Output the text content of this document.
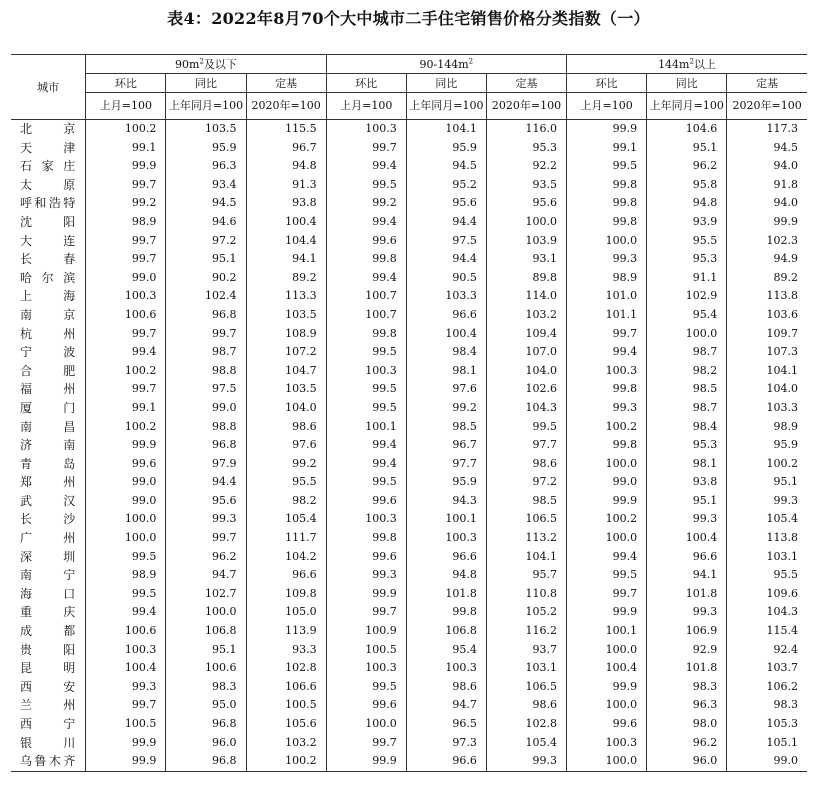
表4：2022年8月70个大中城市二手住宅销售价格分类指数（一）
城市	$90m^2$及以下			$90-144m^2$			$144m^2$以上		
	环比	同比	定基	环比	同比	定基	环比	同比	定基
	上月=100	上年同月=100	2020年=100	上月=100	上年同月=100	2020年=100	上月=100	上年同月=100	2020年=100
北京	100.2	103.5	115.5	100.3	104.1	116.0	99.9	104.6	117.3
天津	99.1	95.9	96.7	99.7	95.9	95.3	99.1	95.1	94.5
石家庄	99.9	96.3	94.8	99.4	94.5	92.2	99.5	96.2	94.0
太原	99.7	93.4	91.3	99.5	95.2	93.5	99.8	95.8	91.8
呼和浩特	99.2	94.5	93.8	99.2	95.6	95.6	99.8	94.8	94.0
沈阳	98.9	94.6	100.4	99.4	94.4	100.0	99.8	93.9	99.9
大连	99.7	97.2	104.4	99.6	97.5	103.9	100.0	95.5	102.3
长春	99.7	95.1	94.1	99.8	94.4	93.1	99.3	95.3	94.9
哈尔滨	99.0	90.2	89.2	99.4	90.5	89.8	98.9	91.1	89.2
上海	100.3	102.4	113.3	100.7	103.3	114.0	101.0	102.9	113.8
南京	100.6	96.8	103.5	100.7	96.6	103.2	101.1	95.4	103.6
杭州	99.7	99.7	108.9	99.8	100.4	109.4	99.7	100.0	109.7
宁波	99.4	98.7	107.2	99.5	98.4	107.0	99.4	98.7	107.3
合肥	100.2	98.8	104.7	100.3	98.1	104.0	100.3	98.2	104.1
福州	99.7	97.5	103.5	99.5	97.6	102.6	99.8	98.5	104.0
厦门	99.1	99.0	104.0	99.5	99.2	104.3	99.3	98.7	103.3
南昌	100.2	98.8	98.6	100.1	98.5	99.5	100.2	98.4	98.9
济南	99.9	96.8	97.6	99.4	96.7	97.7	99.8	95.3	95.9
青岛	99.6	97.9	99.2	99.4	97.7	98.6	100.0	98.1	100.2
郑州	99.0	94.4	95.5	99.5	95.9	97.2	99.0	93.8	95.1
武汉	99.0	95.6	98.2	99.6	94.3	98.5	99.9	95.1	99.3
长沙	100.0	99.3	105.4	100.3	100.1	106.5	100.2	99.3	105.4
广州	100.0	99.7	111.7	99.8	100.3	113.2	100.0	100.4	113.8
深圳	99.5	96.2	104.2	99.6	96.6	104.1	99.4	96.6	103.1
南宁	98.9	94.7	96.6	99.3	94.8	95.7	99.5	94.1	95.5
海口	99.5	102.7	109.8	99.9	101.8	110.8	99.7	101.8	109.6
重庆	99.4	100.0	105.0	99.7	99.8	105.2	99.9	99.3	104.3
成都	100.6	106.8	113.9	100.9	106.8	116.2	100.1	106.9	115.4
贵阳	100.3	95.1	93.3	100.5	95.4	93.7	100.0	92.9	92.4
昆明	100.4	100.6	102.8	100.3	100.3	103.1	100.4	101.8	103.7
西安	99.3	98.3	106.6	99.5	98.6	106.5	99.9	98.3	106.2
兰州	99.7	95.0	100.5	99.6	94.7	98.6	100.0	96.3	98.3
西宁	100.5	96.8	105.6	100.0	96.5	102.8	99.6	98.0	105.3
银川	99.9	96.0	103.2	99.7	97.3	105.4	100.3	96.2	105.1
乌鲁木齐	99.9	96.8	100.2	99.9	96.6	99.3	100.0	96.0	99.0
